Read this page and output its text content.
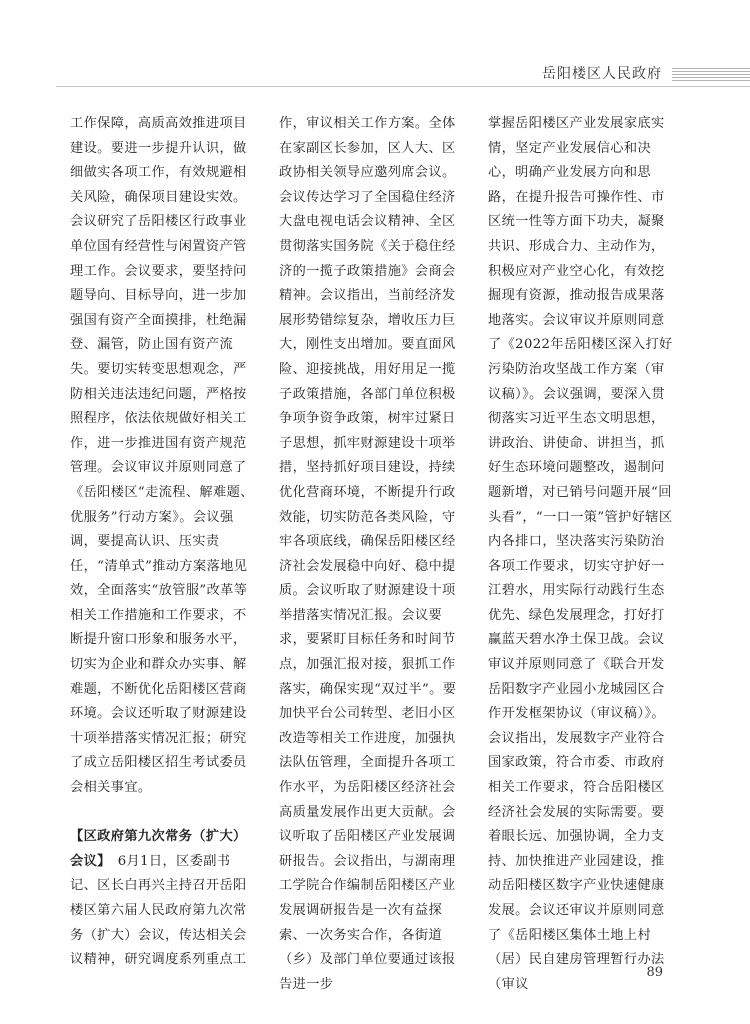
岳阳楼区人民政府

工作保障，高质高效推进项目建设。要进一步提升认识，做细做实各项工作，有效规避相关风险，确保项目建设实效。会议研究了岳阳楼区行政事业单位国有经营性与闲置资产管理工作。会议要求，要坚持问题导向、目标导向，进一步加强国有资产全面摸排，杜绝漏登、漏管，防止国有资产流失。要切实转变思想观念，严防相关违法违纪问题，严格按照程序，依法依规做好相关工作，进一步推进国有资产规范管理。会议审议并原则同意了《岳阳楼区“走流程、解难题、优服务”行动方案》。会议强调，要提高认识、压实责任，“清单式”推动方案落地见效，全面落实“放管服”改革等相关工作措施和工作要求，不断提升窗口形象和服务水平，切实为企业和群众办实事、解难题，不断优化岳阳楼区营商环境。会议还听取了财源建设十项举措落实情况汇报；研究了成立岳阳楼区招生考试委员会相关事宜。

【区政府第九次常务（扩大）会议】　 6月1日，区委副书记、区长白再兴主持召开岳阳楼区第六届人民政府第九次常务（扩大）会议，传达相关会议精神，研究调度系列重点工

作，审议相关工作方案。全体在家副区长参加，区人大、区政协相关领导应邀列席会议。会议传达学习了全国稳住经济大盘电视电话会议精神、全区贯彻落实国务院《关于稳住经济的一揽子政策措施》会商会精神。会议指出，当前经济发展形势错综复杂，增收压力巨大，刚性支出增加。要直面风险、迎接挑战，用好用足一揽子政策措施，各部门单位积极争项争资争政策，树牢过紧日子思想，抓牢财源建设十项举措，坚持抓好项目建设，持续优化营商环境，不断提升行政效能，切实防范各类风险，守牢各项底线，确保岳阳楼区经济社会发展稳中向好、稳中提质。会议听取了财源建设十项举措落实情况汇报。会议要求，要紧盯目标任务和时间节点，加强汇报对接，狠抓工作落实，确保实现“双过半”。要加快平台公司转型、老旧小区改造等相关工作进度，加强执法队伍管理，全面提升各项工作水平，为岳阳楼区经济社会高质量发展作出更大贡献。会议听取了岳阳楼区产业发展调研报告。会议指出，与湖南理工学院合作编制岳阳楼区产业发展调研报告是一次有益探索、一次务实合作，各街道（乡）及部门单位要通过该报告进一步

掌握岳阳楼区产业发展家底实情，坚定产业发展信心和决心，明确产业发展方向和思路，在提升报告可操作性、市区统一性等方面下功夫，凝聚共识、形成合力、主动作为，积极应对产业空心化，有效挖掘现有资源，推动报告成果落地落实。会议审议并原则同意了《2022年岳阳楼区深入打好污染防治攻坚战工作方案（审议稿）》。会议强调，要深入贯彻落实习近平生态文明思想，讲政治、讲使命、讲担当，抓好生态环境问题整改，遏制问题新增，对已销号问题开展“回头看”，“一口一策”管护好辖区内各排口，坚决落实污染防治各项工作要求，切实守护好一江碧水，用实际行动践行生态优先、绿色发展理念，打好打赢蓝天碧水净土保卫战。会议审议并原则同意了《联合开发岳阳数字产业园小龙城园区合作开发框架协议（审议稿）》。会议指出，发展数字产业符合国家政策，符合市委、市政府相关工作要求，符合岳阳楼区经济社会发展的实际需要。要着眼长远、加强协调，全力支持、加快推进产业园建设，推动岳阳楼区数字产业快速健康发展。会议还审议并原则同意了《岳阳楼区集体土地上村（居）民自建房管理暂行办法（审议

89
